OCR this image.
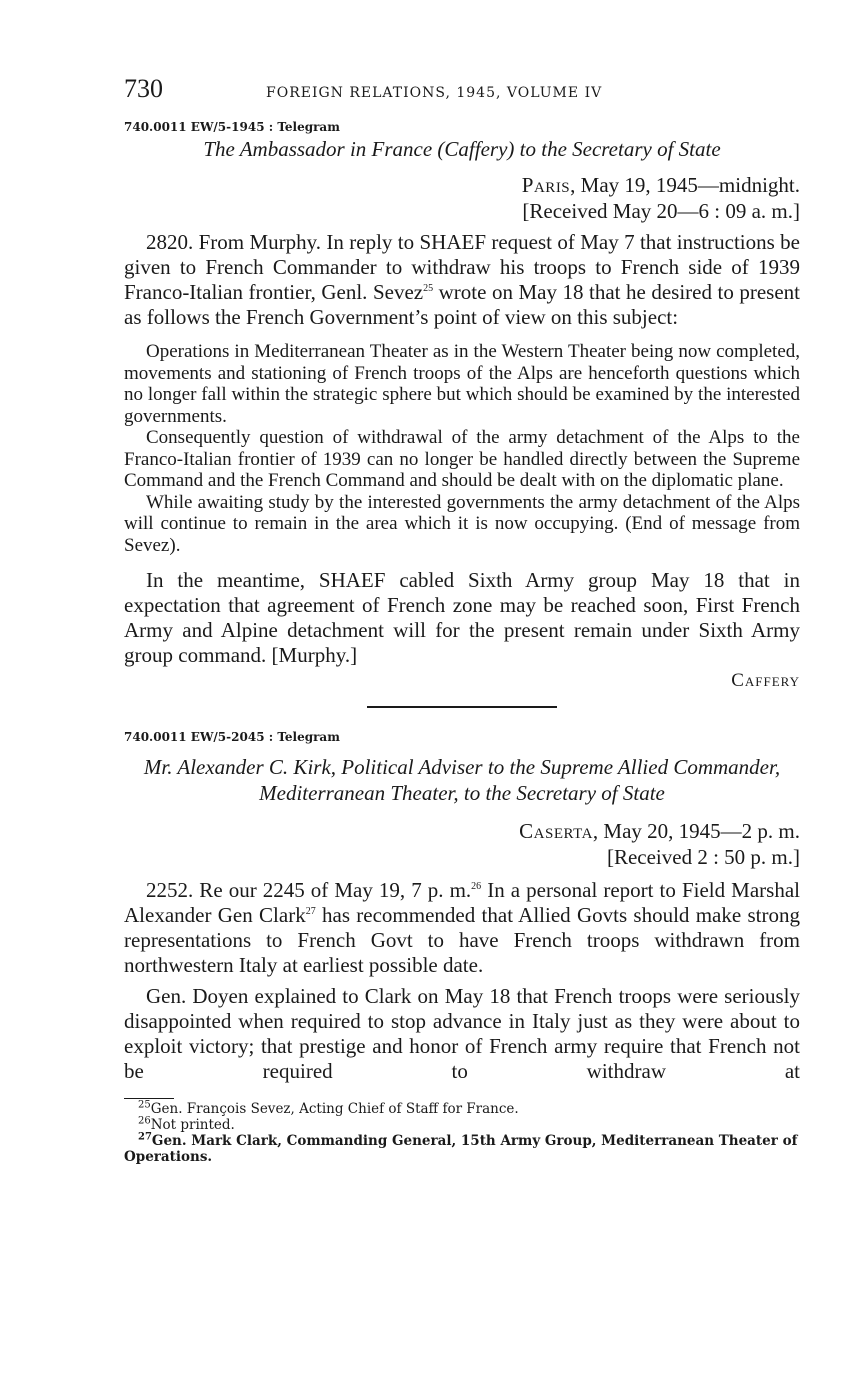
730	FOREIGN RELATIONS, 1945, VOLUME IV
740.0011 EW/5-1945 : Telegram
The Ambassador in France (Caffery) to the Secretary of State
Paris, May 19, 1945—midnight.
[Received May 20—6 : 09 a. m.]

2820. From Murphy. In reply to SHAEF request of May 7 that instructions be given to French Commander to withdraw his troops to French side of 1939 Franco-Italian frontier, Genl. Sevez$^{25}$ wrote on May 18 that he desired to present as follows the French Government’s point of view on this subject:

Operations in Mediterranean Theater as in the Western Theater being now completed, movements and stationing of French troops of the Alps are henceforth questions which no longer fall within the strategic sphere but which should be examined by the interested governments.

Consequently question of withdrawal of the army detachment of the Alps to the Franco-Italian frontier of 1939 can no longer be handled directly between the Supreme Command and the French Command and should be dealt with on the diplomatic plane.

While awaiting study by the interested governments the army detachment of the Alps will continue to remain in the area which it is now occupying. (End of message from Sevez).

In the meantime, SHAEF cabled Sixth Army group May 18 that in expectation that agreement of French zone may be reached soon, First French Army and Alpine detachment will for the present remain under Sixth Army group command. [Murphy.]

Caffery
740.0011 EW/5-2045 : Telegram
Mr. Alexander C. Kirk, Political Adviser to the Supreme Allied Commander, Mediterranean Theater, to the Secretary of State
Caserta, May 20, 1945—2 p. m.
[Received 2 : 50 p. m.]

2252. Re our 2245 of May 19, 7 p. m.$^{26}$ In a personal report to Field Marshal Alexander Gen Clark$^{27}$ has recommended that Allied Govts should make strong representations to French Govt to have French troops withdrawn from northwestern Italy at earliest possible date.

Gen. Doyen explained to Clark on May 18 that French troops were seriously disappointed when required to stop advance in Italy just as they were about to exploit victory; that prestige and honor of French army require that French not be required to withdraw at

$^{25}$Gen. François Sevez, Acting Chief of Staff for France.

$^{26}$Not printed.

$^{27}$Gen. Mark Clark, Commanding General, 15th Army Group, Mediterranean Theater of Operations.
